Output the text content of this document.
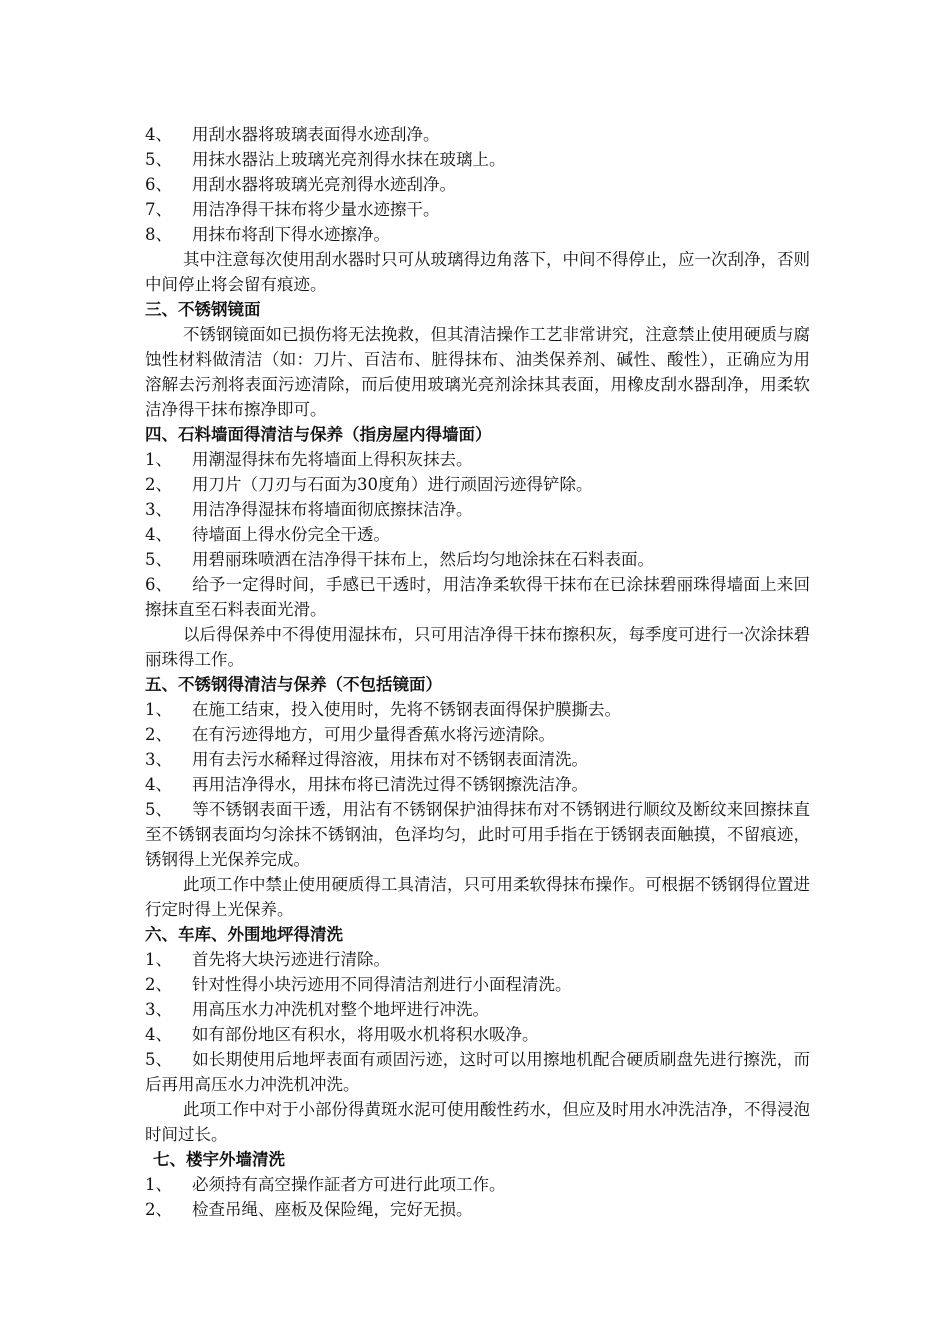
4、	用刮水器将玻璃表面得水迹刮净。
5、	用抹水器沾上玻璃光亮剂得水抹在玻璃上。
6、	用刮水器将玻璃光亮剂得水迹刮净。
7、	用洁净得干抹布将少量水迹擦干。
8、	用抹布将刮下得水迹擦净。
其中注意每次使用刮水器时只可从玻璃得边角落下，中间不得停止，应一次刮净，否则中间停止将会留有痕迹。
三、不锈钢镜面
不锈钢镜面如已损伤将无法挽救，但其清洁操作工艺非常讲究，注意禁止使用硬质与腐蚀性材料做清洁（如：刀片、百洁布、脏得抹布、油类保养剂、碱性、酸性），正确应为用溶解去污剂将表面污迹清除，而后使用玻璃光亮剂涂抹其表面，用橡皮刮水器刮净，用柔软洁净得干抹布擦净即可。
四、石料墙面得清洁与保养（指房屋内得墙面）
1、	用潮湿得抹布先将墙面上得积灰抹去。
2、	用刀片（刀刃与石面为30度角）进行顽固污迹得铲除。
3、	用洁净得湿抹布将墙面彻底擦抹洁净。
4、	待墙面上得水份完全干透。
5、	用碧丽珠喷洒在洁净得干抹布上，然后均匀地涂抹在石料表面。
6、 给予一定得时间，手感已干透时，用洁净柔软得干抹布在已涂抹碧丽珠得墙面上来回擦抹直至石料表面光滑。
以后得保养中不得使用湿抹布，只可用洁净得干抹布擦积灰，每季度可进行一次涂抹碧丽珠得工作。
五、不锈钢得清洁与保养（不包括镜面）
1、	在施工结束，投入使用时，先将不锈钢表面得保护膜撕去。
2、	在有污迹得地方，可用少量得香蕉水将污迹清除。
3、	用有去污水稀释过得溶液，用抹布对不锈钢表面清洗。
4、	再用洁净得水，用抹布将已清洗过得不锈钢擦洗洁净。
5、 等不锈钢表面干透，用沾有不锈钢保护油得抹布对不锈钢进行顺纹及断纹来回擦抹直至不锈钢表面均匀涂抹不锈钢油，色泽均匀，此时可用手指在于锈钢表面触摸，不留痕迹，锈钢得上光保养完成。
此项工作中禁止使用硬质得工具清洁，只可用柔软得抹布操作。可根据不锈钢得位置进行定时得上光保养。
六、车库、外围地坪得清洗
1、	首先将大块污迹进行清除。
2、	针对性得小块污迹用不同得清洁剂进行小面程清洗。
3、	用高压水力冲洗机对整个地坪进行冲洗。
4、	如有部份地区有积水，将用吸水机将积水吸净。
5、 如长期使用后地坪表面有顽固污迹，这时可以用擦地机配合硬质刷盘先进行擦洗，而后再用高压水力冲洗机冲洗。
此项工作中对于小部份得黄斑水泥可使用酸性药水，但应及时用水冲洗洁净，不得浸泡时间过长。
七、楼宇外墙清洗
1、	必须持有高空操作証者方可进行此项工作。
2、	检查吊绳、座板及保险绳，完好无损。
